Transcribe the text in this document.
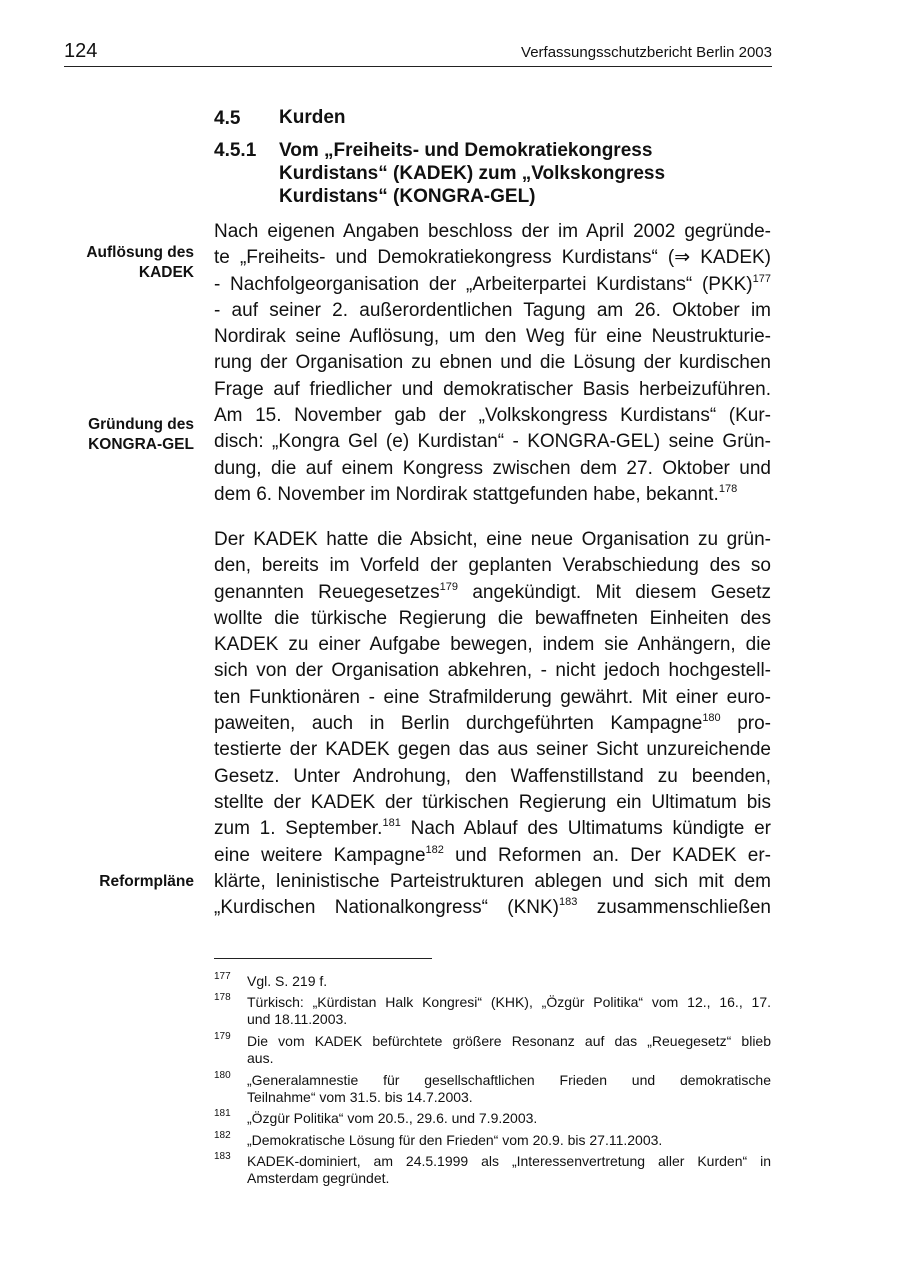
124	Verfassungsschutzbericht Berlin 2003
4.5 Kurden
4.5.1 Vom „Freiheits- und Demokratiekongress
Kurdistans“ (KADEK) zum „Volkskongress
Kurdistans“ (KONGRA-GEL)
Auflösung des
KADEK
Gründung des
KONGRA-GEL
Reformpläne
Nach eigenen Angaben beschloss der im April 2002 gegründe-
te „Freiheits- und Demokratiekongress Kurdistans“ (⇒ KADEK)
- Nachfolgeorganisation der „Arbeiterpartei Kurdistans“ (PKK)$^{177}$
- auf seiner 2. außerordentlichen Tagung am 26. Oktober im
Nordirak seine Auflösung, um den Weg für eine Neustrukturie-
rung der Organisation zu ebnen und die Lösung der kurdischen
Frage auf friedlicher und demokratischer Basis herbeizuführen.
Am 15. November gab der „Volkskongress Kurdistans“ (Kur-
disch: „Kongra Gel (e) Kurdistan“ - KONGRA-GEL) seine Grün-
dung, die auf einem Kongress zwischen dem 27. Oktober und
dem 6. November im Nordirak stattgefunden habe, bekannt.$^{178}$
Der KADEK hatte die Absicht, eine neue Organisation zu grün-
den, bereits im Vorfeld der geplanten Verabschiedung des so
genannten Reuegesetzes$^{179}$ angekündigt. Mit diesem Gesetz
wollte die türkische Regierung die bewaffneten Einheiten des
KADEK zu einer Aufgabe bewegen, indem sie Anhängern, die
sich von der Organisation abkehren, - nicht jedoch hochgestell-
ten Funktionären - eine Strafmilderung gewährt. Mit einer euro-
paweiten, auch in Berlin durchgeführten Kampagne$^{180}$ pro-
testierte der KADEK gegen das aus seiner Sicht unzureichende
Gesetz. Unter Androhung, den Waffenstillstand zu beenden,
stellte der KADEK der türkischen Regierung ein Ultimatum bis
zum 1. September.$^{181}$ Nach Ablauf des Ultimatums kündigte er
eine weitere Kampagne$^{182}$ und Reformen an. Der KADEK er-
klärte, leninistische Parteistrukturen ablegen und sich mit dem
„Kurdischen Nationalkongress“ (KNK)$^{183}$ zusammenschließen
177 Vgl. S. 219 f.
178 Türkisch: „Kürdistan Halk Kongresi“ (KHK), „Özgür Politika“ vom 12., 16., 17.
und 18.11.2003.
179 Die vom KADEK befürchtete größere Resonanz auf das „Reuegesetz“ blieb
aus.
180 „Generalamnestie für gesellschaftlichen Frieden und demokratische
Teilnahme“ vom 31.5. bis 14.7.2003.
181 „Özgür Politika“ vom 20.5., 29.6. und 7.9.2003.
182 „Demokratische Lösung für den Frieden“ vom 20.9. bis 27.11.2003.
183 KADEK-dominiert, am 24.5.1999 als „Interessenvertretung aller Kurden“ in
Amsterdam gegründet.
